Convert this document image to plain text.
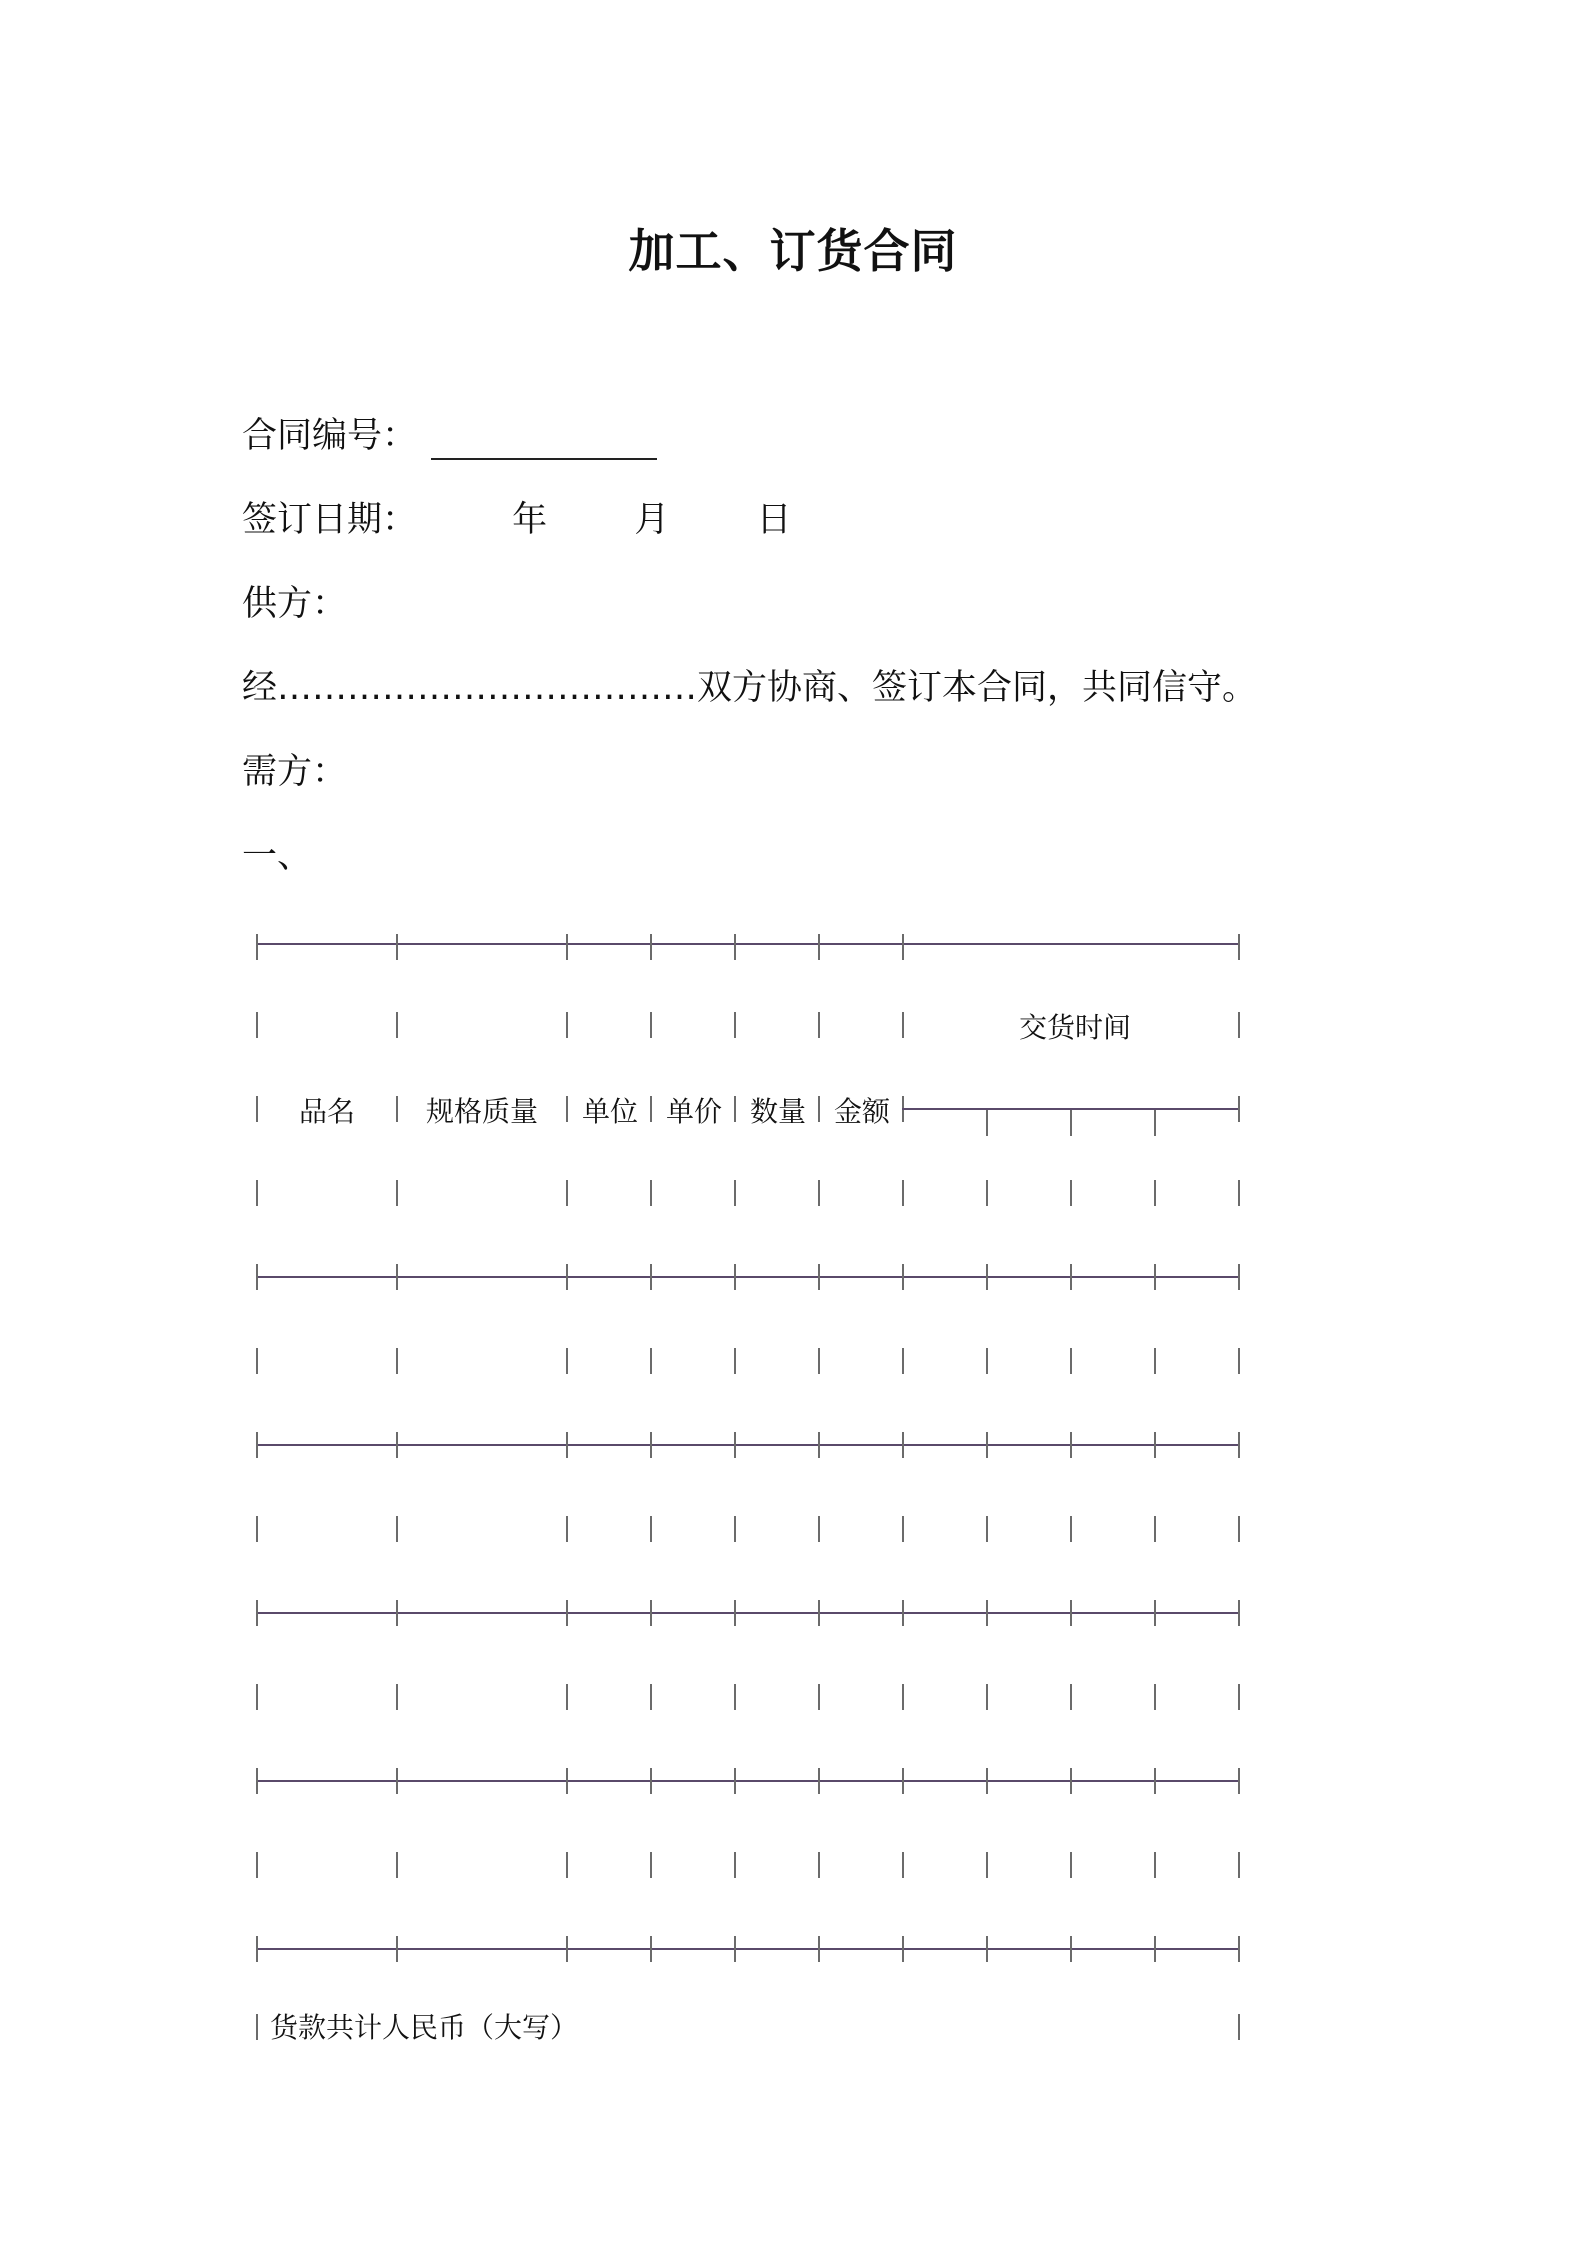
加工、订货合同
合同编号：
签订日期：	年 月 日
供方：
经………………………………双方协商、签订本合同，共同信守。
需方：
一、
交货时间
品名	规格质量	单位 单价 数量 金额
货款共计人民币（大写）
